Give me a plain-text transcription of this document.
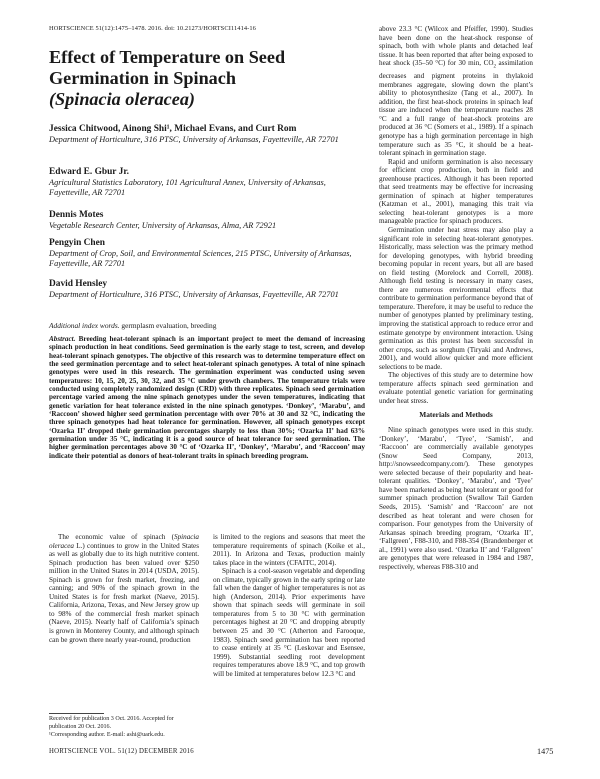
HORTSCIENCE 51(12):1475–1478. 2016. doi: 10.21273/HORTSCI11414-16
Effect of Temperature on Seed
Germination in Spinach
(Spinacia oleracea)
Jessica Chitwood, Ainong Shi¹, Michael Evans, and Curt Rom
Department of Horticulture, 316 PTSC, University of Arkansas, Fayetteville, AR 72701
Edward E. Gbur Jr.
Agricultural Statistics Laboratory, 101 Agricultural Annex, University of Arkansas, Fayetteville, AR 72701
Dennis Motes
Vegetable Research Center, University of Arkansas, Alma, AR 72921
Pengyin Chen
Department of Crop, Soil, and Environmental Sciences, 215 PTSC, University of Arkansas, Fayetteville, AR 72701
David Hensley
Department of Horticulture, 316 PTSC, University of Arkansas, Fayetteville, AR 72701
Additional index words. germplasm evaluation, breeding

Abstract. Breeding heat-tolerant spinach is an important project to meet the demand of increasing spinach production in heat conditions. Seed germination is the early stage to test, screen, and develop heat-tolerant spinach genotypes. The objective of this research was to determine temperature effect on the seed germination percentage and to select heat-tolerant spinach genotypes. A total of nine spinach genotypes were used in this research. The germination experiment was conducted using seven temperatures: 10, 15, 20, 25, 30, 32, and 35 °C under growth chambers. The temperature trials were conducted using completely randomized design (CRD) with three replicates. Spinach seed germination percentage varied among the nine spinach genotypes under the seven temperatures, indicating that genetic variation for heat tolerance existed in the nine spinach genotypes. ‘Donkey’, ‘Marabu’, and ‘Raccoon’ showed higher seed germination percentage with over 70% at 30 and 32 °C, indicating the three spinach genotypes had heat tolerance for germination. However, all spinach genotypes except ‘Ozarka II’ dropped their germination percentages sharply to less than 30%; ‘Ozarka II’ had 63% germination under 35 °C, indicating it is a good source of heat tolerance for seed germination. The higher germination percentages above 30 °C of ‘Ozarka II’, ‘Donkey’, ‘Marabu’, and ‘Raccoon’ may indicate their potential as donors of heat-tolerant traits in spinach breeding program.

The economic value of spinach (Spinacia oleracea L.) continues to grow in the United States as well as globally due to its high nutritive content. Spinach production has been valued over $250 million in the United States in 2014 (USDA, 2015). Spinach is grown for fresh market, freezing, and canning; and 90% of the spinach grown in the United States is for fresh market (Naeve, 2015). California, Arizona, Texas, and New Jersey grow up to 98% of the commercial fresh market spinach (Naeve, 2015). Nearly half of California’s spinach is grown in Monterey County, and although spinach can be grown there nearly year-round, production

is limited to the regions and seasons that meet the temperature requirements of spinach (Koike et al., 2011). In Arizona and Texas, production mainly takes place in the winters (CFAITC, 2014).

Spinach is a cool-season vegetable and depending on climate, typically grown in the early spring or late fall when the danger of higher temperatures is not as high (Anderson, 2014). Prior experiments have shown that spinach seeds will germinate in soil temperatures from 5 to 30 °C with germination percentages highest at 20 °C and dropping abruptly between 25 and 30 °C (Atherton and Farooque, 1983). Spinach seed germination has been reported to cease entirely at 35 °C (Leskovar and Esensee, 1999). Substantial seedling root development requires temperatures above 18.9 °C, and top growth will be limited at temperatures below 12.3 °C and

above 23.3 °C (Wilcox and Pfeiffer, 1990). Studies have been done on the heat-shock response of spinach, both with whole plants and detached leaf tissue. It has been reported that after being exposed to heat shock (35–50 °C) for 30 min, $CO_2$ assimilation decreases and pigment proteins in thylakoid membranes aggregate, slowing down the plant’s ability to photosynthesize (Tang et al., 2007). In addition, the first heat-shock proteins in spinach leaf tissue are induced when the temperature reaches 28 °C and a full range of heat-shock proteins are produced at 36 °C (Somers et al., 1989). If a spinach genotype has a high germination percentage in high temperature such as 35 °C, it should be a heat-tolerant spinach in germination stage.

Rapid and uniform germination is also necessary for efficient crop production, both in field and greenhouse practices. Although it has been reported that seed treatments may be effective for increasing germination of spinach at higher temperatures (Katzman et al., 2001), managing this trait via selecting heat-tolerant genotypes is a more manageable practice for spinach producers.

Germination under heat stress may also play a significant role in selecting heat-tolerant genotypes. Historically, mass selection was the primary method for developing genotypes, with hybrid breeding becoming popular in recent years, but all are based on field testing (Morelock and Correll, 2008). Although field testing is necessary in many cases, there are numerous environmental effects that contribute to germination performance beyond that of temperature. Therefore, it may be useful to reduce the number of genotypes planted by preliminary testing, improving the statistical approach to reduce error and estimate genotype by environment interaction. Using germination as this protest has been successful in other crops, such as sorghum (Tiryaki and Andrews, 2001), and would allow quicker and more efficient selections to be made.

The objectives of this study are to determine how temperature affects spinach seed germination and evaluate potential genetic variation for germinating under heat stress.

Materials and Methods

Nine spinach genotypes were used in this study. ‘Donkey’, ‘Marabu’, ‘Tyee’, ‘Samish’, and ‘Raccoon’ are commercially available genotypes (Snow Seed Company, 2013, http://snowseedcompany.com/). These genotypes were selected because of their popularity and heat-tolerant qualities. ‘Donkey’, ‘Marabu’, and ‘Tyee’ have been marketed as being heat tolerant or good for summer spinach production (Swallow Tail Garden Seeds, 2015). ‘Samish’ and ‘Raccoon’ are not described as heat tolerant and were chosen for comparison. Four genotypes from the University of Arkansas spinach breeding program, ‘Ozarka II’, ‘Fallgreen’, F88-310, and F88-354 (Brandenberger et al., 1991) were also used. ‘Ozarka II’ and ‘Fallgreen’ are genotypes that were released in 1984 and 1987, respectively, whereas F88-310 and

Received for publication 3 Oct. 2016. Accepted for publication 20 Oct. 2016.

¹Corresponding author. E-mail: ashi@uark.edu.

HORTSCIENCE VOL. 51(12) DECEMBER 2016	1475
